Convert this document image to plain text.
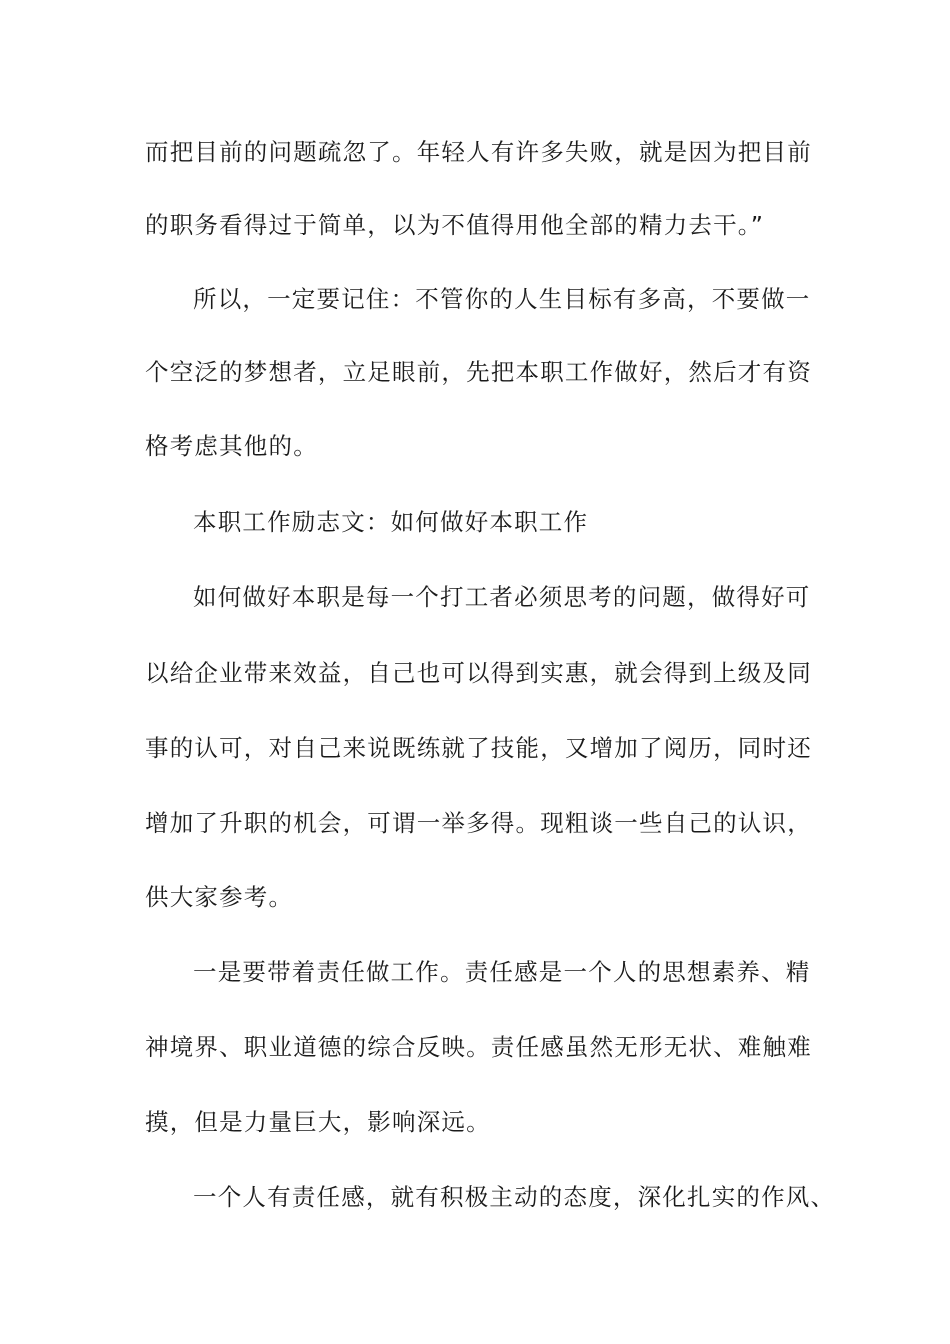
而把目前的问题疏忽了。年轻人有许多失败，就是因为把目前

的职务看得过于简单，以为不值得用他全部的精力去干。”

所以，一定要记住：不管你的人生目标有多高，不要做一

个空泛的梦想者，立足眼前，先把本职工作做好，然后才有资

格考虑其他的。

本职工作励志文：如何做好本职工作

如何做好本职是每一个打工者必须思考的问题，做得好可

以给企业带来效益，自己也可以得到实惠，就会得到上级及同

事的认可，对自己来说既练就了技能，又增加了阅历，同时还

增加了升职的机会，可谓一举多得。现粗谈一些自己的认识，

供大家参考。

一是要带着责任做工作。责任感是一个人的思想素养、精

神境界、职业道德的综合反映。责任感虽然无形无状、难触难

摸，但是力量巨大，影响深远。

一个人有责任感，就有积极主动的态度，深化扎实的作风、
